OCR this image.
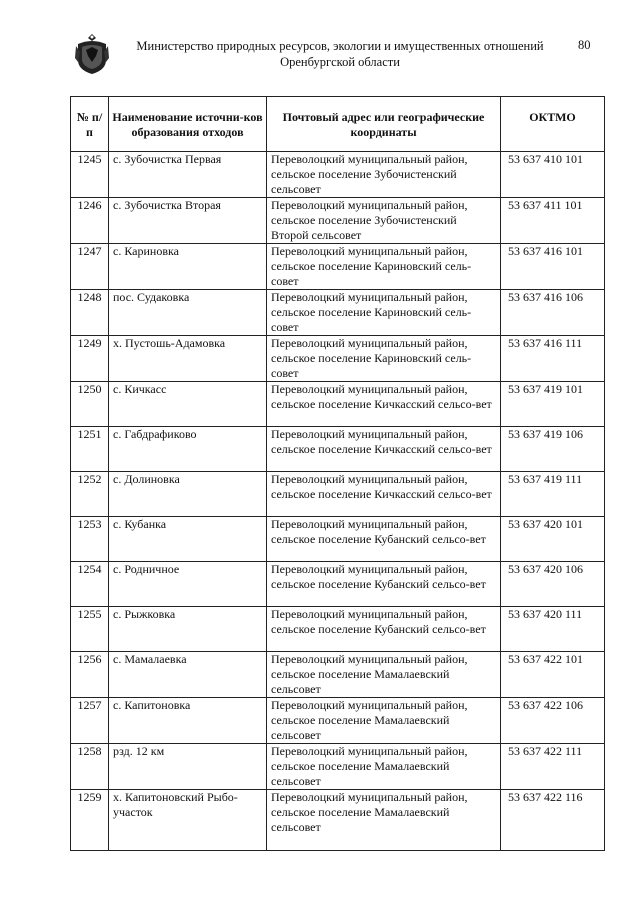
Министерство природных ресурсов, экологии и имущественных отношений
Оренбургской области
80
№ п/п	Наименование источни-ков образования отходов	Почтовый адрес или географические координаты	ОКТМО
1245	с. Зубочистка Первая	Переволоцкий муниципальный район, сельское поселение Зубочистенский сельсовет	53 637 410 101
1246	с. Зубочистка Вторая	Переволоцкий муниципальный район, сельское поселение Зубочистенский Второй сельсовет	53 637 411 101
1247	с. Кариновка	Переволоцкий муниципальный район, сельское поселение Кариновский сель-совет	53 637 416 101
1248	пос. Судаковка	Переволоцкий муниципальный район, сельское поселение Кариновский сель-совет	53 637 416 106
1249	х. Пустошь-Адамовка	Переволоцкий муниципальный район, сельское поселение Кариновский сель-совет	53 637 416 111
1250	с. Кичкасс	Переволоцкий муниципальный район, сельское поселение Кичкасский сельсо-вет	53 637 419 101
1251	с. Габдрафиково	Переволоцкий муниципальный район, сельское поселение Кичкасский сельсо-вет	53 637 419 106
1252	с. Долиновка	Переволоцкий муниципальный район, сельское поселение Кичкасский сельсо-вет	53 637 419 111
1253	с. Кубанка	Переволоцкий муниципальный район, сельское поселение Кубанский сельсо-вет	53 637 420 101
1254	с. Родничное	Переволоцкий муниципальный район, сельское поселение Кубанский сельсо-вет	53 637 420 106
1255	с. Рыжковка	Переволоцкий муниципальный район, сельское поселение Кубанский сельсо-вет	53 637 420 111
1256	с. Мамалаевка	Переволоцкий муниципальный район, сельское поселение Мамалаевский сельсовет	53 637 422 101
1257	с. Капитоновка	Переволоцкий муниципальный район, сельское поселение Мамалаевский сельсовет	53 637 422 106
1258	рзд. 12 км	Переволоцкий муниципальный район, сельское поселение Мамалаевский сельсовет	53 637 422 111
1259	х. Капитоновский Рыбо-участок	Переволоцкий муниципальный район, сельское поселение Мамалаевский сельсовет	53 637 422 116
